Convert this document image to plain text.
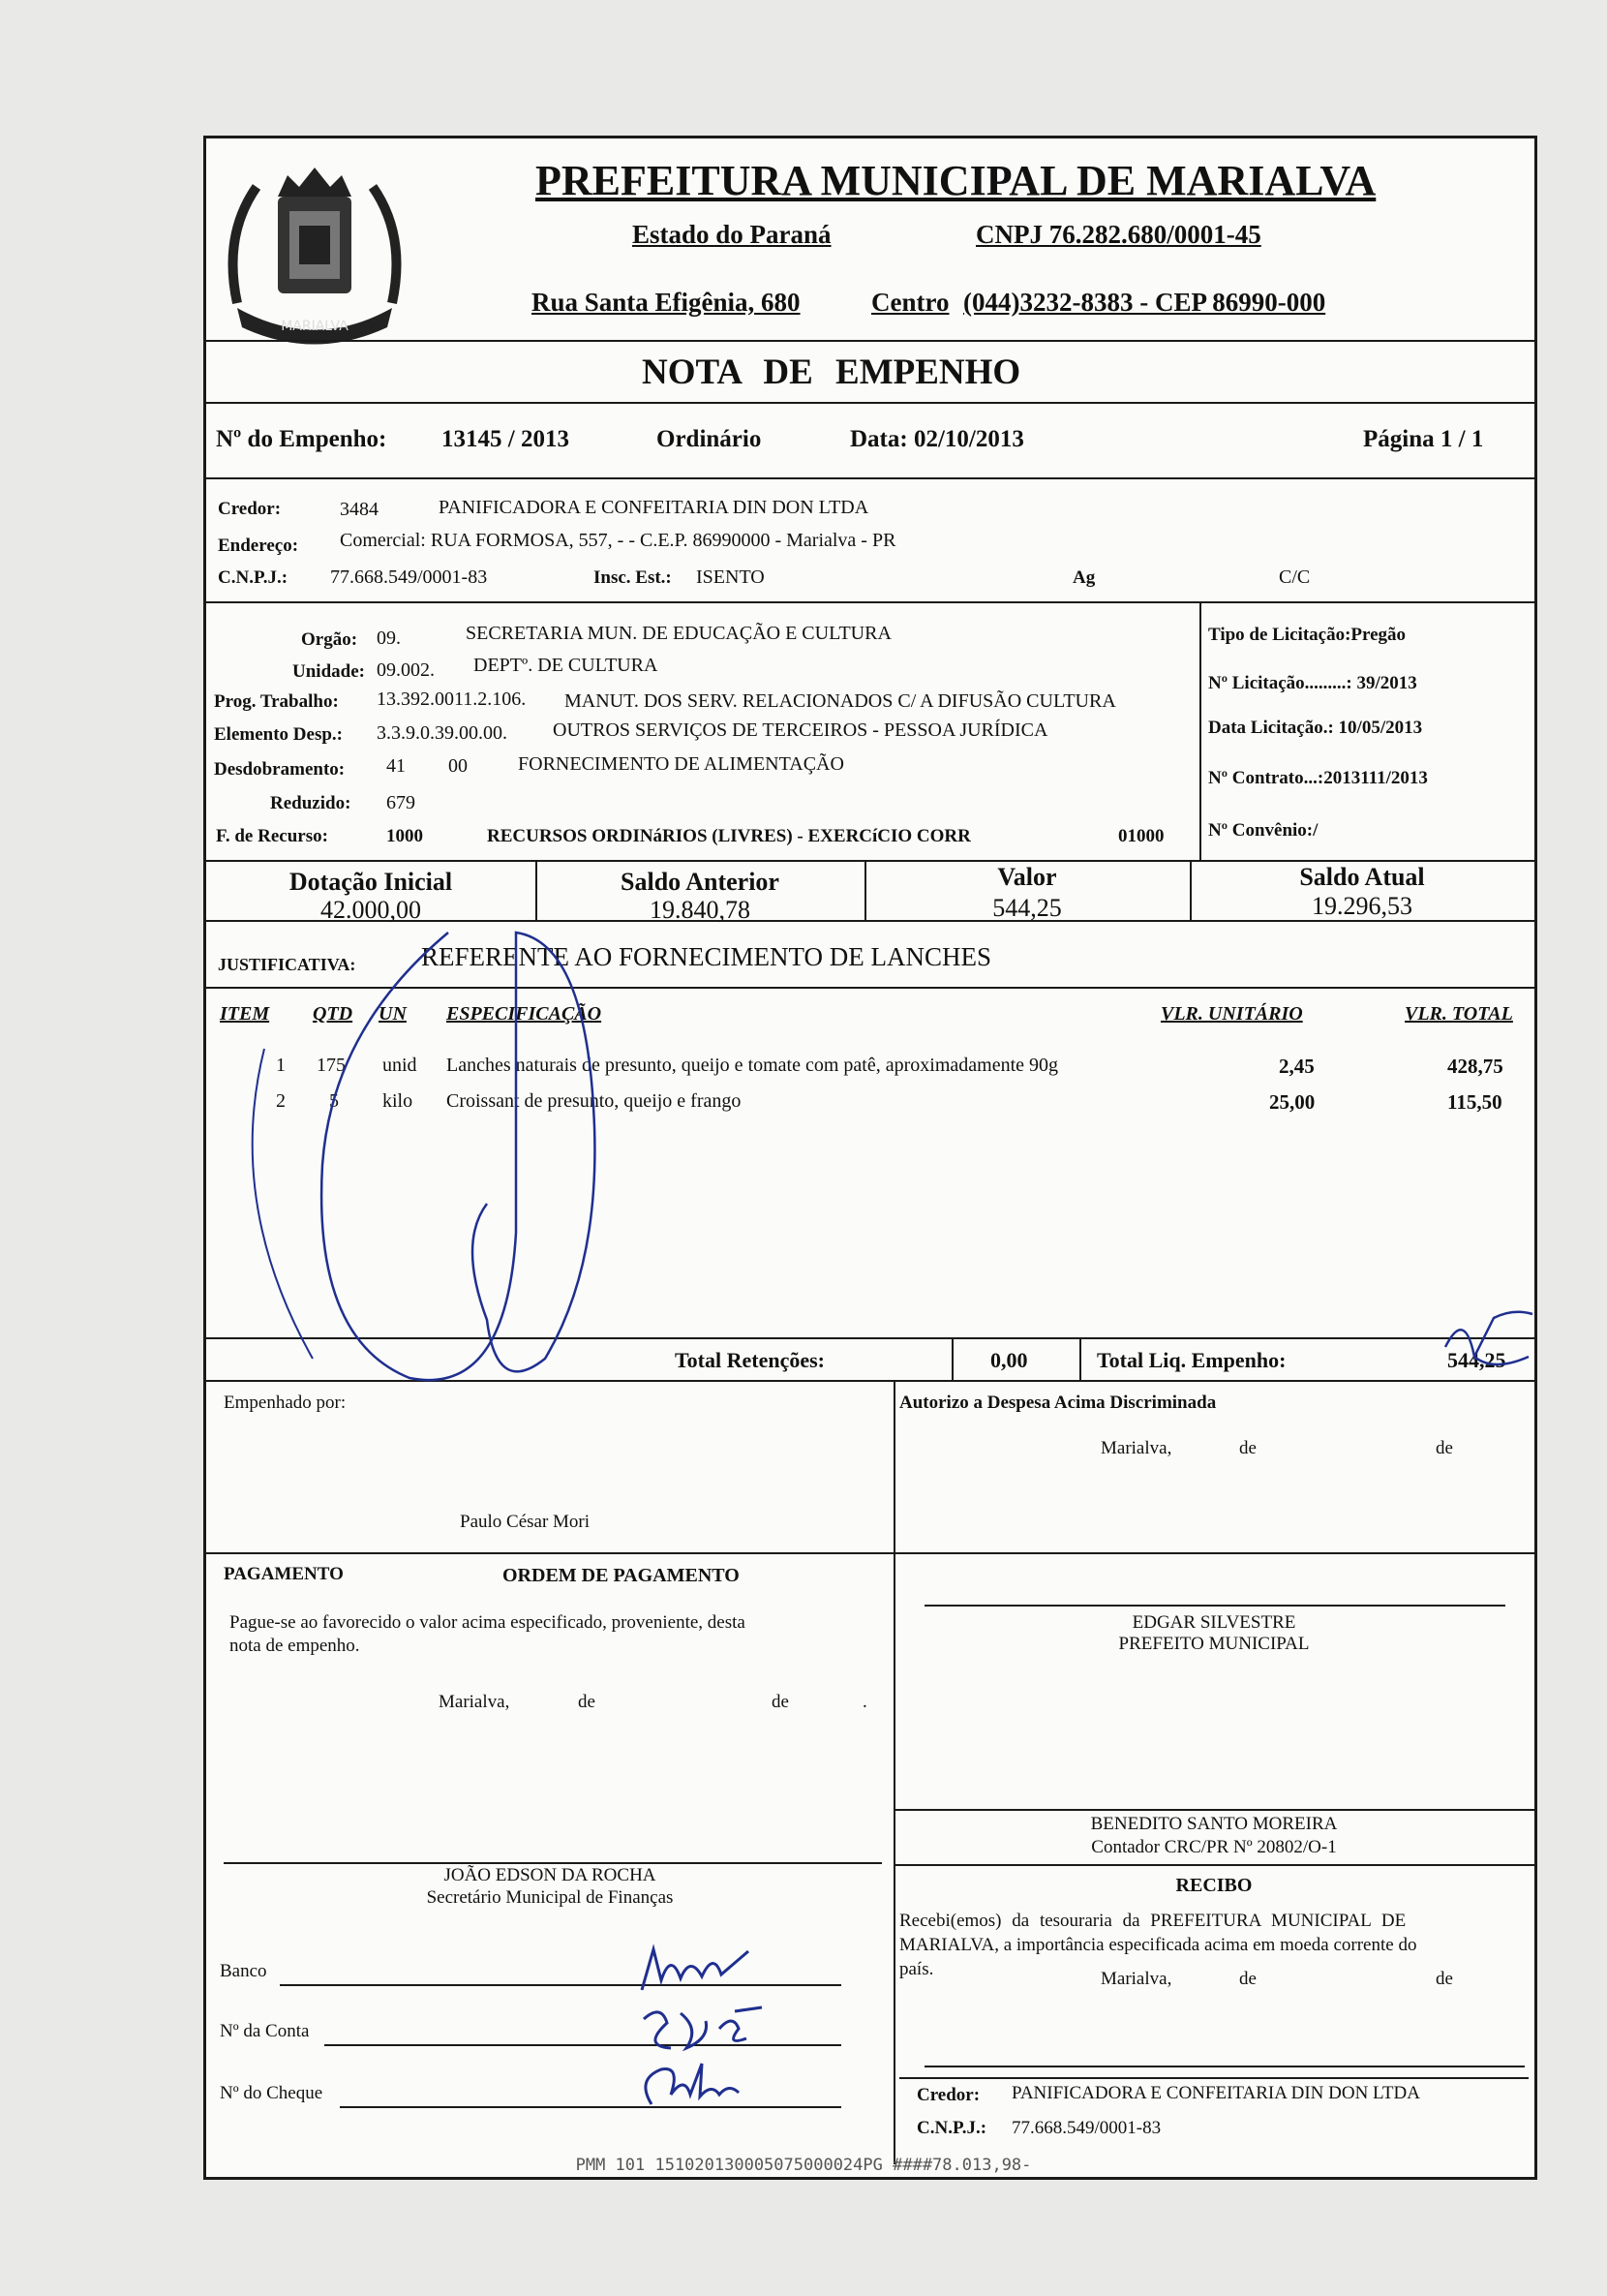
MARIALVA
PREFEITURA MUNICIPAL DE MARIALVA
Estado do Paraná	CNPJ 76.282.680/0001-45
Rua Santa Efigênia, 680	Centro (044)3232-8383 - CEP 86990-000
NOTA DE EMPENHO
Nº do Empenho: 13145 / 2013	Ordinário	Data: 02/10/2013	Página 1 / 1
Credor:	3484	PANIFICADORA E CONFEITARIA DIN DON LTDA
Endereço: Comercial: RUA FORMOSA, 557, - - C.E.P. 86990000 - Marialva - PR
C.N.P.J.: 77.668.549/0001-83	Insc. Est.: ISENTO	Ag	C/C
Orgão: 09.	SECRETARIA MUN. DE EDUCAÇÃO E CULTURA
Unidade: 09.002. DEPTº. DE CULTURA
Prog. Trabalho: 13.392.0011.2.106. MANUT. DOS SERV. RELACIONADOS C/ A DIFUSÃO CULTURA
Elemento Desp.: 3.3.9.0.39.00.00. OUTROS SERVIÇOS DE TERCEIROS - PESSOA JURÍDICA
Desdobramento: 41 00	FORNECIMENTO DE ALIMENTAÇÃO
Reduzido: 679
F. de Recurso:	1000	RECURSOS ORDINáRIOS (LIVRES) - EXERCíCIO CORR	01000
Tipo de Licitação:Pregão
Nº Licitação.........: 39/2013
Data Licitação.: 10/05/2013
Nº Contrato...:2013111/2013
Nº Convênio:/
Dotação Inicial
42.000,00
Saldo Anterior
19.840,78
Valor
544,25
Saldo Atual
19.296,53
JUSTIFICATIVA:	REFERENTE AO FORNECIMENTO DE LANCHES
ITEM QTD UN ESPECIFICAÇÃO	VLR. UNITÁRIO	VLR. TOTAL
1 175 unid Lanches naturais de presunto, queijo e tomate com patê, aproximadamente 90g	2,45	428,75
2 5 kilo Croissant de presunto, queijo e frango	25,00	115,50
Total Retenções:	0,00	Total Liq. Empenho:	544,25
Empenhado por:
Paulo César Mori
Autorizo a Despesa Acima Discriminada
Marialva,	de	de
EDGAR SILVESTRE
PREFEITO MUNICIPAL
PAGAMENTO	ORDEM DE PAGAMENTO
Pague-se ao favorecido o valor acima especificado, proveniente, desta
nota de empenho.
Marialva,	de	de	.
BENEDITO SANTO MOREIRA
Contador CRC/PR Nº 20802/O-1
JOÃO EDSON DA ROCHA
Secretário Municipal de Finanças
RECIBO
Recebi(emos) da tesouraria da PREFEITURA MUNICIPAL DE
MARIALVA, a importância especificada acima em moeda corrente do
país.	Marialva,	de	de
Banco
Nº da Conta
Nº do Cheque	Credor: PANIFICADORA E CONFEITARIA DIN DON LTDA
C.N.P.J.: 77.668.549/0001-83
PMM 101 151020130005075000024PG ####78.013,98-
